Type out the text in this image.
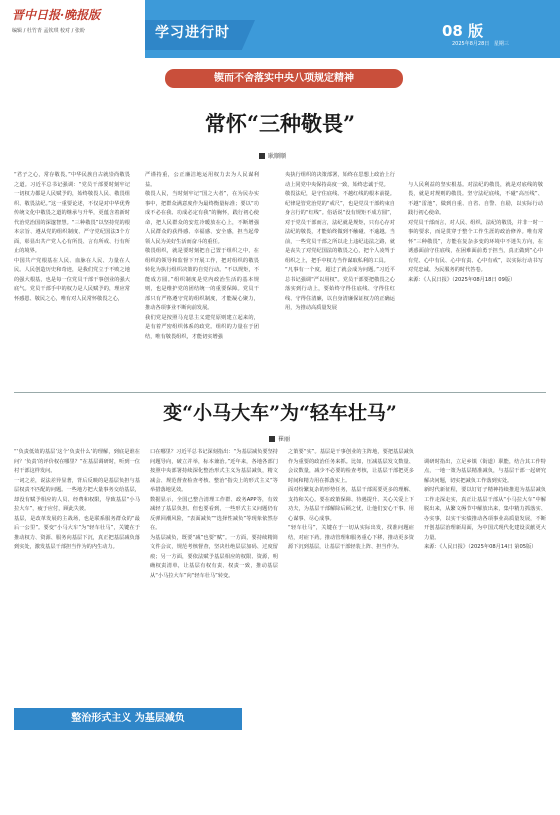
晋中日报·晚报版
编辑 / 杜竹青 孟钦琪 校对 / 张盼	学习进行时	08 版
2025年8月28日 星期三
锲而不舍落实中央八项规定精神
常怀“三种敬畏”
耿顺顺
“君子之心，常存敬畏。”中华民族自古就崇尚敬畏之道。习近平总书记强调：“党员干部要时刻牢记一切权力都是人民赋予的，始终敬畏人民、敬畏组织、敬畏法纪。”这一重要论述，不仅是对中华优秀传统文化中敬畏之道的继承与升华，更蕴含着新时代治党治国的深邃智慧。“三种敬畏”以坚持党的根本宗旨、遵从党的组织制度、严守党纪国法3个方面，彰显出共产党人心有所畏、言有所戒、行有所止的境界。
中国共产党根基在人民、血脉在人民、力量在人民。人民创造历史和奇迹，是我们党立于不败之地的强大根基，也是每一位党员干部干事创业的强大底气。党员干部手中的权力是人民赋予的，理应常怀感恩、敬民之心，唯有对人民常怀敬畏之心，
严谨持重，公正廉洁地运用权力去为人民谋利益。
敬畏人民，当时刻牢记“国之大者”，在为民办实事中，把群众满意度作为最终衡量标准；要以“功成不必在我、功成必定有我”的胸怀，践行初心使命，把人民群众的安危冷暖放在心上，不断增强人民群众的获得感、幸福感、安全感，担当起带领人民为美好生活而奋斗的重任。
敬畏组织，就是要时刻把自己置于组织之中，在组织的领导和监督下开展工作，把对组织的敬畏转化为执行组织决策的自觉行动。“不以规矩，不能成方圆。”组织制度是党内政治生活的基本规则，也是维护党的团结统一的重要保障。党员干部只有严格遵守党的组织制度，才能凝心聚力，推动各项事业不断向前发展。
我们党是按照马克思主义建党原则建立起来的，是有着严密组织体系的政党。组织的力量在于团结，唯有敬畏组织，才能切实增强
央执行组织的决策部署，始终在思想上政治上行动上同党中央保持高度一致，始终忠诚于党。
敬畏法纪，是守住底线、不越红线的根本前提。纪律是管党治党的“戒尺”，也是党员干部约束自身言行的“红线”。俗话说“没有规矩不成方圆”，对于党员干部而言，法纪就是规矩，只有心存对法纪的敬畏，才能始终做到不触碰、不逾越。当前，一些党员干部之所以走上违纪违法之路，就是丧失了对党纪国法的敬畏之心，把个人凌驾于组织之上，把手中权力当作谋取私利的工具。
“凡事有一个度，超过了就会成为问题。”习近平总书记强调“严以用权”。党员干部要把敬畏之心落实到行动上，要始终守得住底线、守得住红线、守得住清廉，以自身清廉保证权力的正确运用，为推动高质量发展

与人民利益的坚实根基。对法纪的敬畏，就是对底线的敬畏，就是对规则的敬畏。坚守法纪底线，不碰“高压线”、不越“雷池”，做到自重、自省、自警、自励，以实际行动践行初心使命。
对党员干部而言，对人民、组织、法纪的敬畏，并非一时一事的要求，而是贯穿于整个工作生涯的政治修养。唯有常怀“三种敬畏”，方能在复杂多变的环境中不迷失方向，在诱惑面前守住底线，在困难面前勇于担当，真正做到“心中有党、心中有民、心中有责、心中有戒”，以实际行动书写对党忠诚、为民服务的时代答卷。
来源：《人民日报》（2025年08月18日 09版）

变“小马大车”为“轻车壮马”
崔丽
“‘负责低效的基层’这个‘负责什么’的理解，到底是谁在问？‘负责’的评价权在哪里？”在基层调研时，听到一位村干部这样发问。
一词之差，说法差异显著，背后反映的是基层负担与基层权责不匹配的问题。一些地方把大量事务交给基层，却没有赋予相应的人员、经费和权限，导致基层“小马拉大车”，疲于应付，顾此失彼。
基层，是改革发展的主战场，也是联系服务群众的“最后一公里”。要变“小马大车”为“轻车壮马”，关键在于推动权力、资源、服务向基层下沉，真正把基层减负落到实处，激发基层干部担当作为的内生动力。
口在哪里？习近平总书记深刻指出：“为基层减负要坚持问题导向，破立并举，标本兼治。”近年来，各地各部门按照中央部署持续深化整治形式主义为基层减负，精文减会、规范督查检查考核、整治“指尖上的形式主义”等举措落地见效。
数据显示，全国已整合清理工作群、政务APP等，有效减轻了基层负担。但也要看到，一些形式主义问题仍有反弹回潮风险，“表面减负”“选择性减负”等现象依然存在。
为基层减负，既要“减”也要“赋”。一方面，要持续精简文件会议，规范考核督查，坚决杜绝层层加码、过度留痕；另一方面，要依法赋予基层相应的权限、资源，明确权责清单，让基层有权有责、权责一致，推动基层从“小马拉大车”向“轻车壮马”转变。
之策要“实”。基层是干事创业的主阵地，要把基层减负作为重要的政治任务来抓。比如，压减基层发文数量、会议数量，减少不必要的检查考核，让基层干部把更多时间和精力用在抓落实上。
面对纷繁复杂的形势任务，基层干部需要更多的理解、支持和关心。要在政策保障、待遇提升、关心关爱上下功夫，为基层干部解除后顾之忧，让他们安心干事、用心谋事、尽心成事。
“轻车壮马”，关键在于一切从实际出发，找准问题症结，对症下药。推动管理和服务重心下移，推动更多资源下沉到基层，让基层干部轻装上阵、担当作为。

调研时指出，立足乡镇（街道）职能，结合其工作特点，一地一策为基层精准减负，与基层干部一起研究解决问题，切实把减负工作落到实处。
新时代新征程，要以钉钉子精神持续推进为基层减负工作走深走实，真正让基层干部从“小马拉大车”中解脱出来，从繁文缛节中解放出来，集中精力抓落实、办实事，以实干实绩推动各项事业高质量发展，不断开创基层治理新局面，为中国式现代化建设贡献更大力量。
来源：《人民日报》（2025年08月14日 第05版）

整治形式主义 为基层减负
